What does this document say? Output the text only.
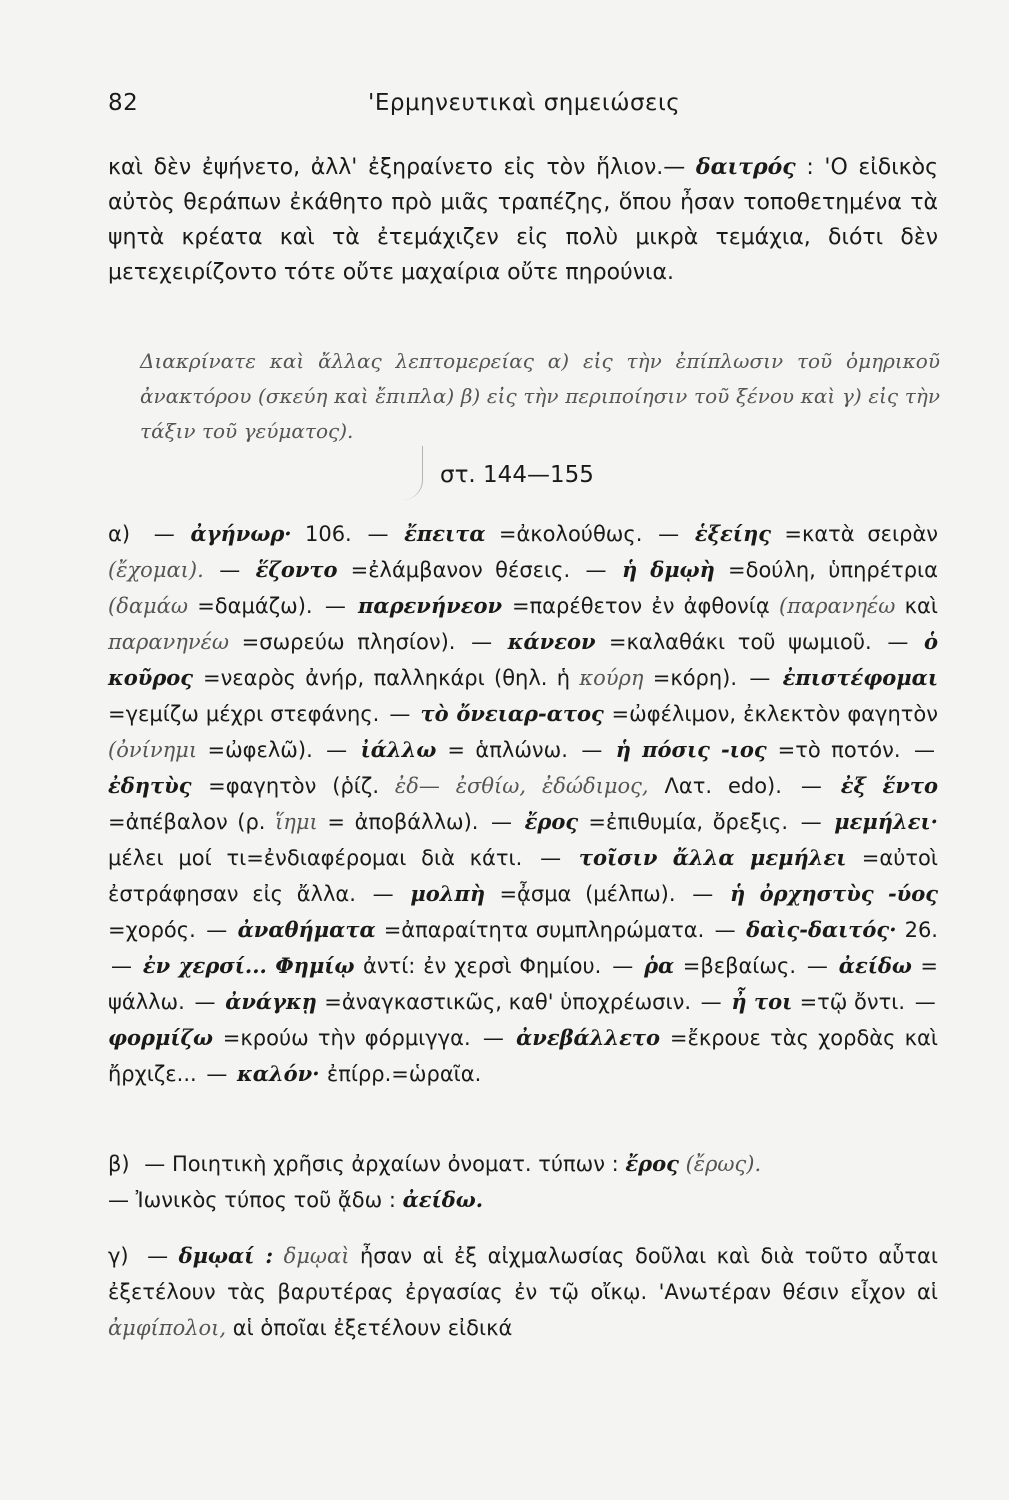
82	'Ερμηνευτικαὶ σημειώσεις

καὶ δὲν ἐψήνετο, ἀλλ' ἐξηραίνετο εἰς τὸν ἥλιον.— δαιτρός : 'Ο εἰδικὸς αὐτὸς θεράπων ἐκάθητο πρὸ μιᾶς τραπέζης, ὅπου ἦσαν τοποθετημένα τὰ ψητὰ κρέατα καὶ τὰ ἐτεμάχιζεν εἰς πολὺ μικρὰ τεμάχια, διότι δὲν μετεχειρίζοντο τότε οὔτε μαχαίρια οὔτε πηρούνια.

Διακρίνατε καὶ ἄλλας λεπτομερείας α) εἰς τὴν ἐπίπλωσιν τοῦ ὁμηρικοῦ ἀνακτόρου (σκεύη καὶ ἔπιπλα) β) εἰς τὴν περιποίησιν τοῦ ξένου καὶ γ) εἰς τὴν τάξιν τοῦ γεύματος).

στ. 144—155

α) — ἀγήνωρ· 106. — ἔπειτα =ἀκολούθως. — ἑξείης =κατὰ σειρὰν (ἔχομαι). — ἕζοντο =ἐλάμβανον θέσεις. — ἡ δμῳὴ =δούλη, ὑπηρέτρια (δαμάω =δαμάζω). — παρενήνεον =παρέθετον ἐν ἀφθονίᾳ (παρανηέω καὶ παρανηνέω =σωρεύω πλησίον). — κάνεον =καλαθάκι τοῦ ψωμιοῦ. — ὁ κοῦρος =νεαρὸς ἀνήρ, παλληκάρι (θηλ. ἡ κούρη =κόρη). — ἐπιστέφομαι =γεμίζω μέχρι στεφάνης. — τὸ ὄνειαρ-ατος =ὠφέλιμον, ἐκλεκτὸν φαγητὸν (ὀνίνημι =ὠφελῶ). — ἰάλλω = ἁπλώνω. — ἡ πόσις -ιος =τὸ ποτόν. — ἐδητὺς =φαγητὸν (ῥίζ. ἐδ— ἐσθίω, ἐδώδιμος, Λατ. edo). — ἐξ ἕντο =ἀπέβαλον (ρ. ἵημι = ἀποβάλλω). — ἔρος =ἐπιθυμία, ὄρεξις. — μεμήλει· μέλει μοί τι=ἐνδιαφέρομαι διὰ κάτι. — τοῖσιν ἄλλα μεμήλει =αὐτοὶ ἐστράφησαν εἰς ἄλλα. — μολπὴ =ᾆσμα (μέλπω). — ἡ ὀρχηστὺς -ύος =χορός. — ἀναθήματα =ἀπαραίτητα συμπληρώματα. — δαὶς-δαιτός· 26. — ἐν χερσί... Φημίῳ ἀντί: ἐν χερσὶ Φημίου. — ῥα =βεβαίως. — ἀείδω = ψάλλω. — ἀνάγκῃ =ἀναγκαστικῶς, καθ' ὑποχρέωσιν. — ἦ τοι =τῷ ὄντι. — φορμίζω =κρούω τὴν φόρμιγγα. — ἀνεβάλλετο =ἔκρουε τὰς χορδὰς καὶ ἤρχιζε... — καλόν· ἐπίρρ.=ὡραῖα.

β) — Ποιητικὴ χρῆσις ἀρχαίων ὀνοματ. τύπων : ἔρος (ἔρως).
— Ἰωνικὸς τύπος τοῦ ᾄδω : ἀείδω.

γ) — δμῳαί : δμῳαὶ ἦσαν αἱ ἐξ αἰχμαλωσίας δοῦλαι καὶ διὰ τοῦτο αὗται ἐξετέλουν τὰς βαρυτέρας ἐργασίας ἐν τῷ οἴκῳ. 'Ανωτέραν θέσιν εἶχον αἱ ἀμφίπολοι, αἱ ὁποῖαι ἐξετέλουν εἰδικά
